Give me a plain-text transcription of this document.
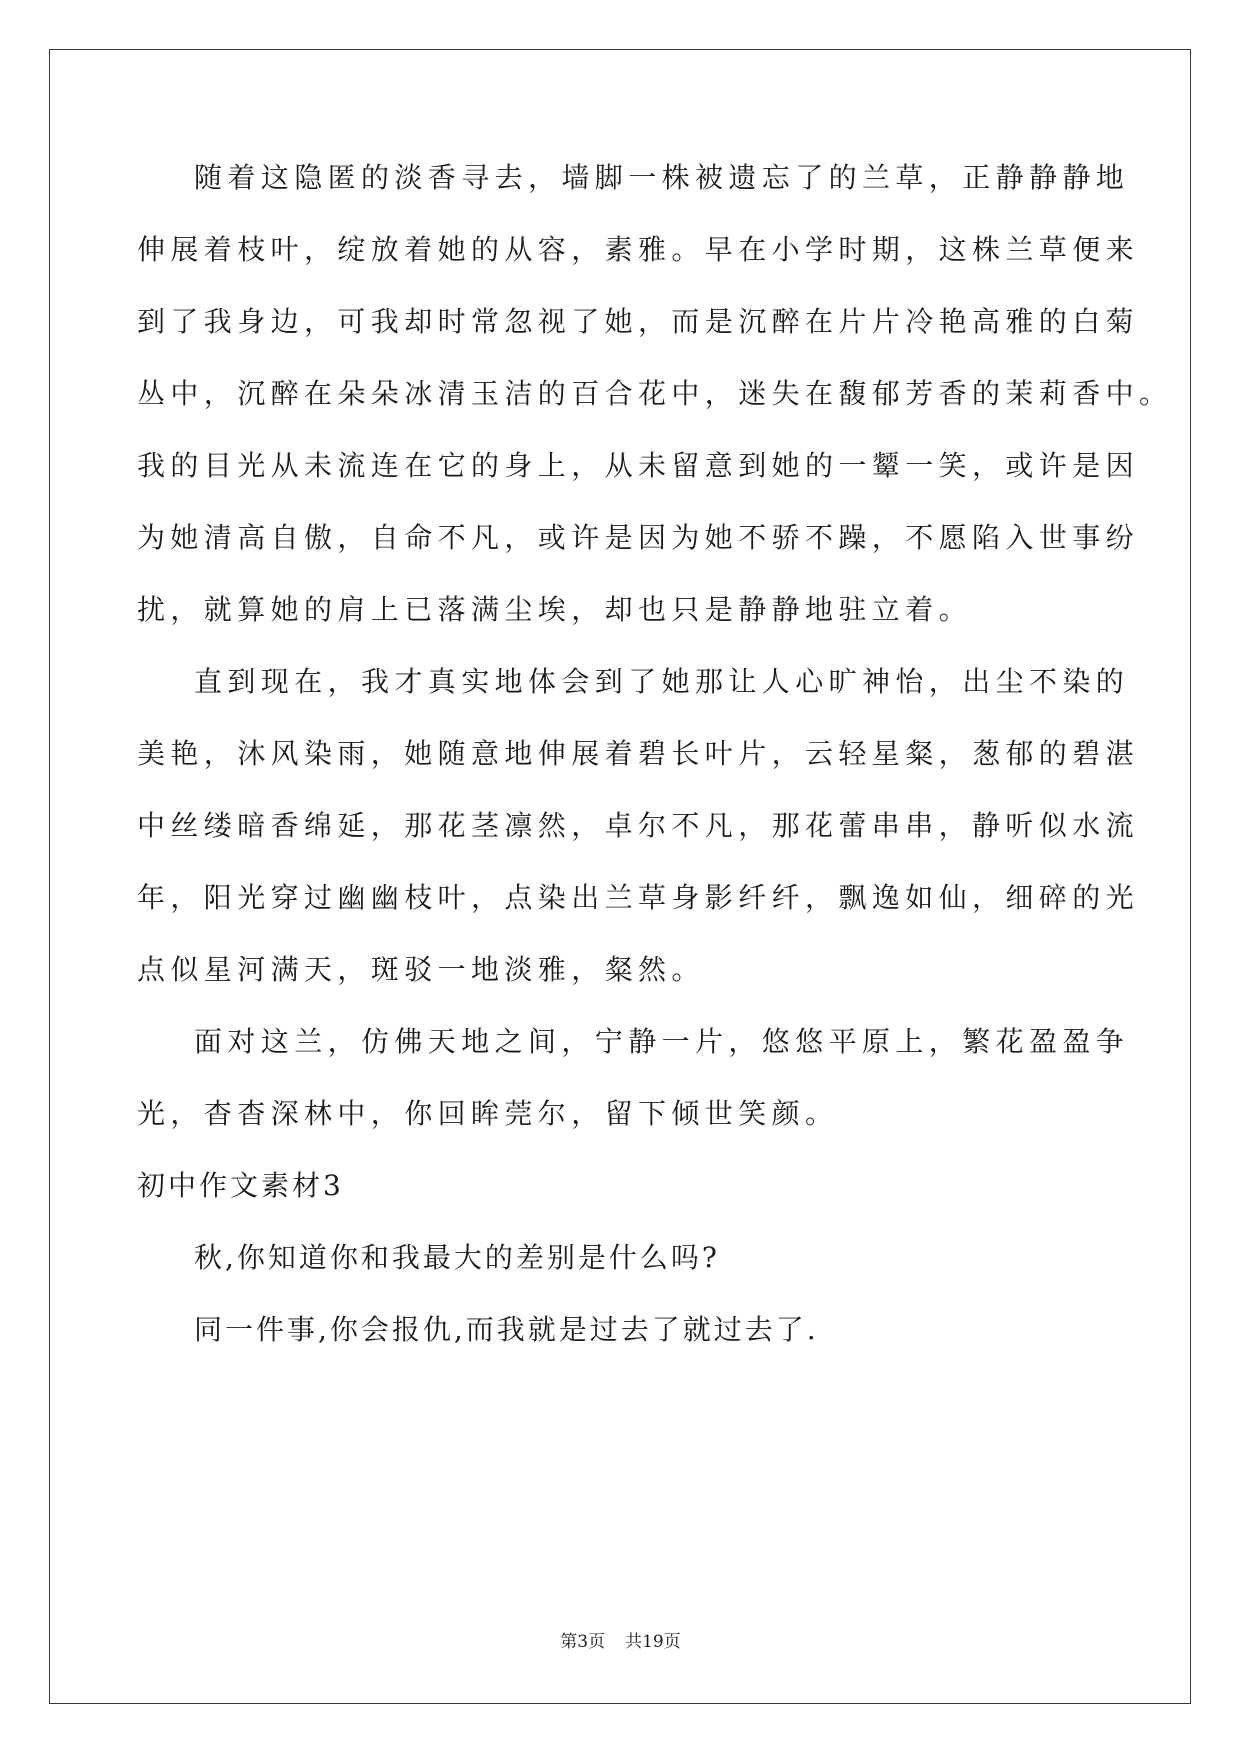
随着这隐匿的淡香寻去，墙脚一株被遗忘了的兰草，正静静静地
伸展着枝叶，绽放着她的从容，素雅。早在小学时期，这株兰草便来
到了我身边，可我却时常忽视了她，而是沉醉在片片冷艳高雅的白菊
丛中，沉醉在朵朵冰清玉洁的百合花中，迷失在馥郁芳香的茉莉香中。
我的目光从未流连在它的身上，从未留意到她的一颦一笑，或许是因
为她清高自傲，自命不凡，或许是因为她不骄不躁，不愿陷入世事纷
扰，就算她的肩上已落满尘埃，却也只是静静地驻立着。
直到现在，我才真实地体会到了她那让人心旷神怡，出尘不染的
美艳，沐风染雨，她随意地伸展着碧长叶片，云轻星粲，葱郁的碧湛
中丝缕暗香绵延，那花茎凛然，卓尔不凡，那花蕾串串，静听似水流
年，阳光穿过幽幽枝叶，点染出兰草身影纤纤，飘逸如仙，细碎的光
点似星河满天，斑驳一地淡雅，粲然。
面对这兰，仿佛天地之间，宁静一片，悠悠平原上，繁花盈盈争
光，杳杳深林中，你回眸莞尔，留下倾世笑颜。
初中作文素材3
秋,你知道你和我最大的差别是什么吗?
同一件事,你会报仇,而我就是过去了就过去了.
第3页 共19页
